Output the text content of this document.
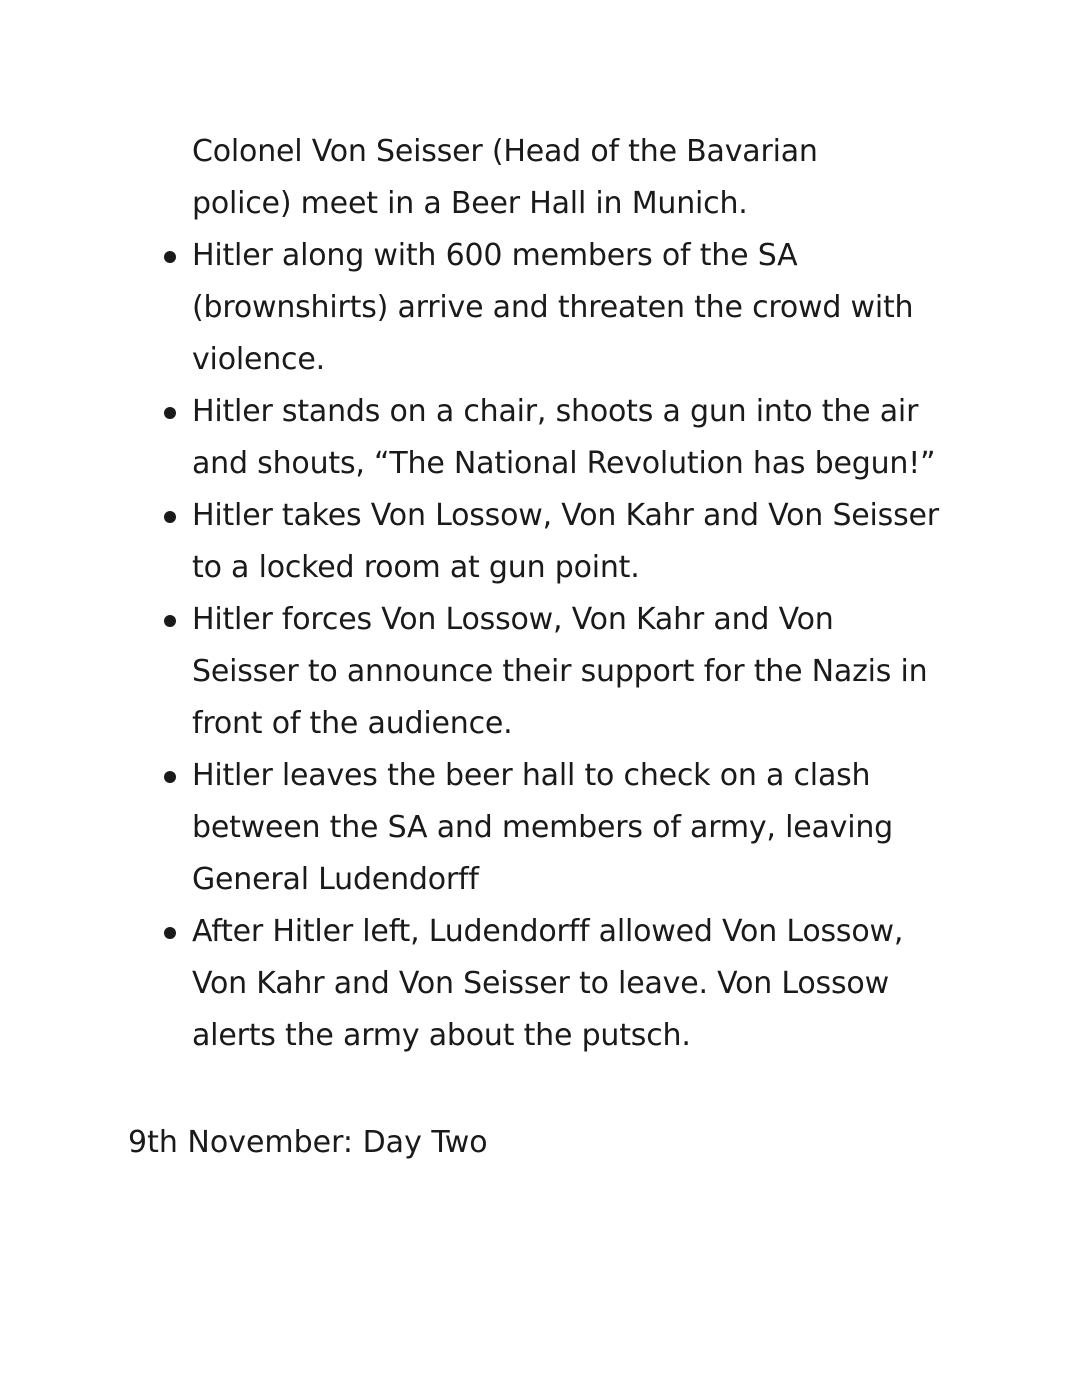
Colonel Von Seisser (Head of the Bavarian
police) meet in a Beer Hall in Munich.
Hitler along with 600 members of the SA
(brownshirts) arrive and threaten the crowd with
violence.
Hitler stands on a chair, shoots a gun into the air
and shouts, “The National Revolution has begun!”
Hitler takes Von Lossow, Von Kahr and Von Seisser
to a locked room at gun point.
Hitler forces Von Lossow, Von Kahr and Von
Seisser to announce their support for the Nazis in
front of the audience.
Hitler leaves the beer hall to check on a clash
between the SA and members of army, leaving
General Ludendorff
After Hitler left, Ludendorff allowed Von Lossow,
Von Kahr and Von Seisser to leave. Von Lossow
alerts the army about the putsch.
9th November: Day Two
